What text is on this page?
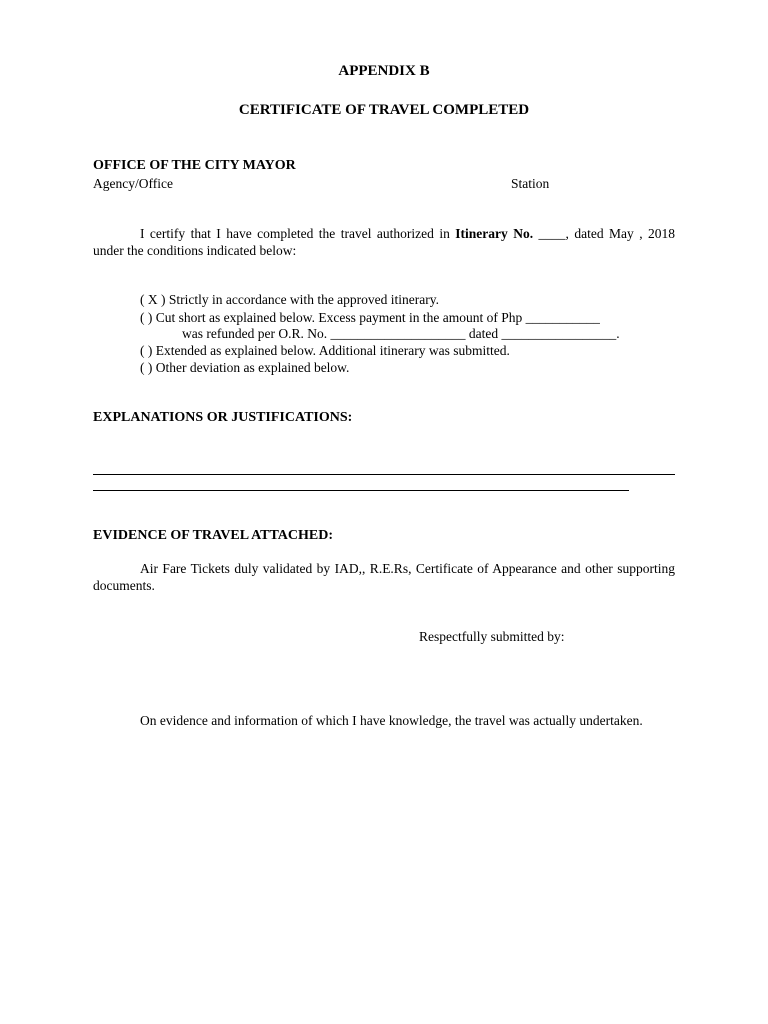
APPENDIX B
CERTIFICATE OF TRAVEL COMPLETED
OFFICE OF THE CITY MAYOR
Agency/Office	Station
I certify that I have completed the travel authorized in Itinerary No. ____, dated May , 2018 under the conditions indicated below:
( X ) Strictly in accordance with the approved itinerary.
( ) Cut short as explained below. Excess payment in the amount of Php ___________
was refunded per O.R. No. ____________________ dated _________________.
( ) Extended as explained below. Additional itinerary was submitted.
( ) Other deviation as explained below.
EXPLANATIONS OR JUSTIFICATIONS:
EVIDENCE OF TRAVEL ATTACHED:
Air Fare Tickets duly validated by IAD,, R.E.Rs, Certificate of Appearance and other supporting documents.
Respectfully submitted by:
On evidence and information of which I have knowledge, the travel was actually undertaken.
